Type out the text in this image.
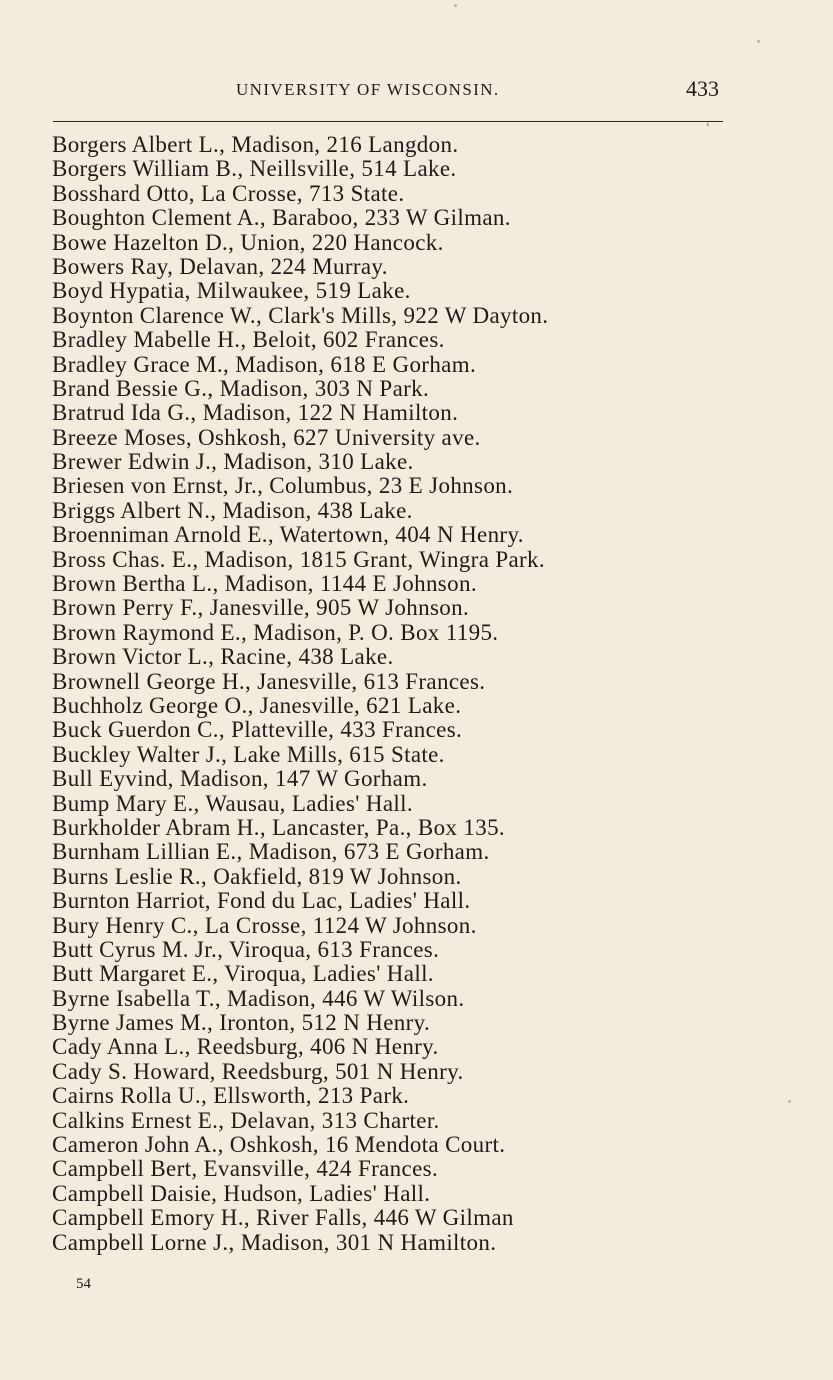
UNIVERSITY OF WISCONSIN.	433
‹
Borgers Albert L., Madison, 216 Langdon.
Borgers William B., Neillsville, 514 Lake.
Bosshard Otto, La Crosse, 713 State.
Boughton Clement A., Baraboo, 233 W Gilman.
Bowe Hazelton D., Union, 220 Hancock.
Bowers Ray, Delavan, 224 Murray.
Boyd Hypatia, Milwaukee, 519 Lake.
Boynton Clarence W., Clark's Mills, 922 W Dayton.
Bradley Mabelle H., Beloit, 602 Frances.
Bradley Grace M., Madison, 618 E Gorham.
Brand Bessie G., Madison, 303 N Park.
Bratrud Ida G., Madison, 122 N Hamilton.
Breeze Moses, Oshkosh, 627 University ave.
Brewer Edwin J., Madison, 310 Lake.
Briesen von Ernst, Jr., Columbus, 23 E Johnson.
Briggs Albert N., Madison, 438 Lake.
Broenniman Arnold E., Watertown, 404 N Henry.
Bross Chas. E., Madison, 1815 Grant, Wingra Park.
Brown Bertha L., Madison, 1144 E Johnson.
Brown Perry F., Janesville, 905 W Johnson.
Brown Raymond E., Madison, P. O. Box 1195.
Brown Victor L., Racine, 438 Lake.
Brownell George H., Janesville, 613 Frances.
Buchholz George O., Janesville, 621 Lake.
Buck Guerdon C., Platteville, 433 Frances.
Buckley Walter J., Lake Mills, 615 State.
Bull Eyvind, Madison, 147 W Gorham.
Bump Mary E., Wausau, Ladies' Hall.
Burkholder Abram H., Lancaster, Pa., Box 135.
Burnham Lillian E., Madison, 673 E Gorham.
Burns Leslie R., Oakfield, 819 W Johnson.
Burnton Harriot, Fond du Lac, Ladies' Hall.
Bury Henry C., La Crosse, 1124 W Johnson.
Butt Cyrus M. Jr., Viroqua, 613 Frances.
Butt Margaret E., Viroqua, Ladies' Hall.
Byrne Isabella T., Madison, 446 W Wilson.
Byrne James M., Ironton, 512 N Henry.
Cady Anna L., Reedsburg, 406 N Henry.
Cady S. Howard, Reedsburg, 501 N Henry.
Cairns Rolla U., Ellsworth, 213 Park.
Calkins Ernest E., Delavan, 313 Charter.
Cameron John A., Oshkosh, 16 Mendota Court.
Campbell Bert, Evansville, 424 Frances.
Campbell Daisie, Hudson, Ladies' Hall.
Campbell Emory H., River Falls, 446 W Gilman
Campbell Lorne J., Madison, 301 N Hamilton.
54
